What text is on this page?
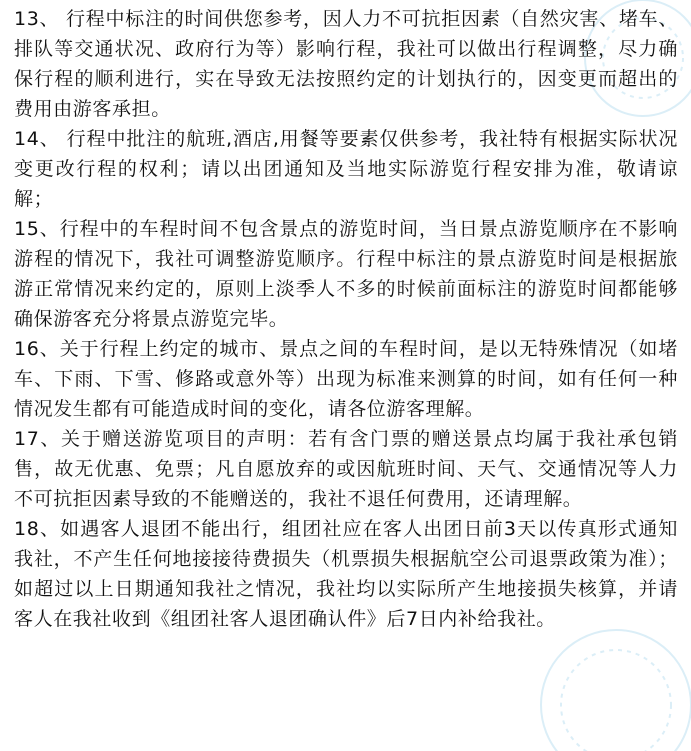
13、 行程中标注的时间供您参考，因人力不可抗拒因素（自然灾害、堵车、排队等交通状况、政府行为等）影响行程，我社可以做出行程调整，尽力确保行程的顺利进行，实在导致无法按照约定的计划执行的，因变更而超出的费用由游客承担。

14、 行程中批注的航班,酒店,用餐等要素仅供参考，我社特有根据实际状况变更改行程的权利；请以出团通知及当地实际游览行程安排为准，敬请谅解；

15、行程中的车程时间不包含景点的游览时间，当日景点游览顺序在不影响游程的情况下，我社可调整游览顺序。行程中标注的景点游览时间是根据旅游正常情况来约定的，原则上淡季人不多的时候前面标注的游览时间都能够确保游客充分将景点游览完毕。

16、关于行程上约定的城市、景点之间的车程时间，是以无特殊情况（如堵车、下雨、下雪、修路或意外等）出现为标准来测算的时间，如有任何一种情况发生都有可能造成时间的变化，请各位游客理解。

17、关于赠送游览项目的声明：若有含门票的赠送景点均属于我社承包销售，故无优惠、免票；凡自愿放弃的或因航班时间、天气、交通情况等人力不可抗拒因素导致的不能赠送的，我社不退任何费用，还请理解。

18、如遇客人退团不能出行，组团社应在客人出团日前3天以传真形式通知我社，不产生任何地接接待费损失（机票损失根据航空公司退票政策为准）；如超过以上日期通知我社之情况，我社均以实际所产生地接损失核算，并请客人在我社收到《组团社客人退团确认件》后7日内补给我社。
